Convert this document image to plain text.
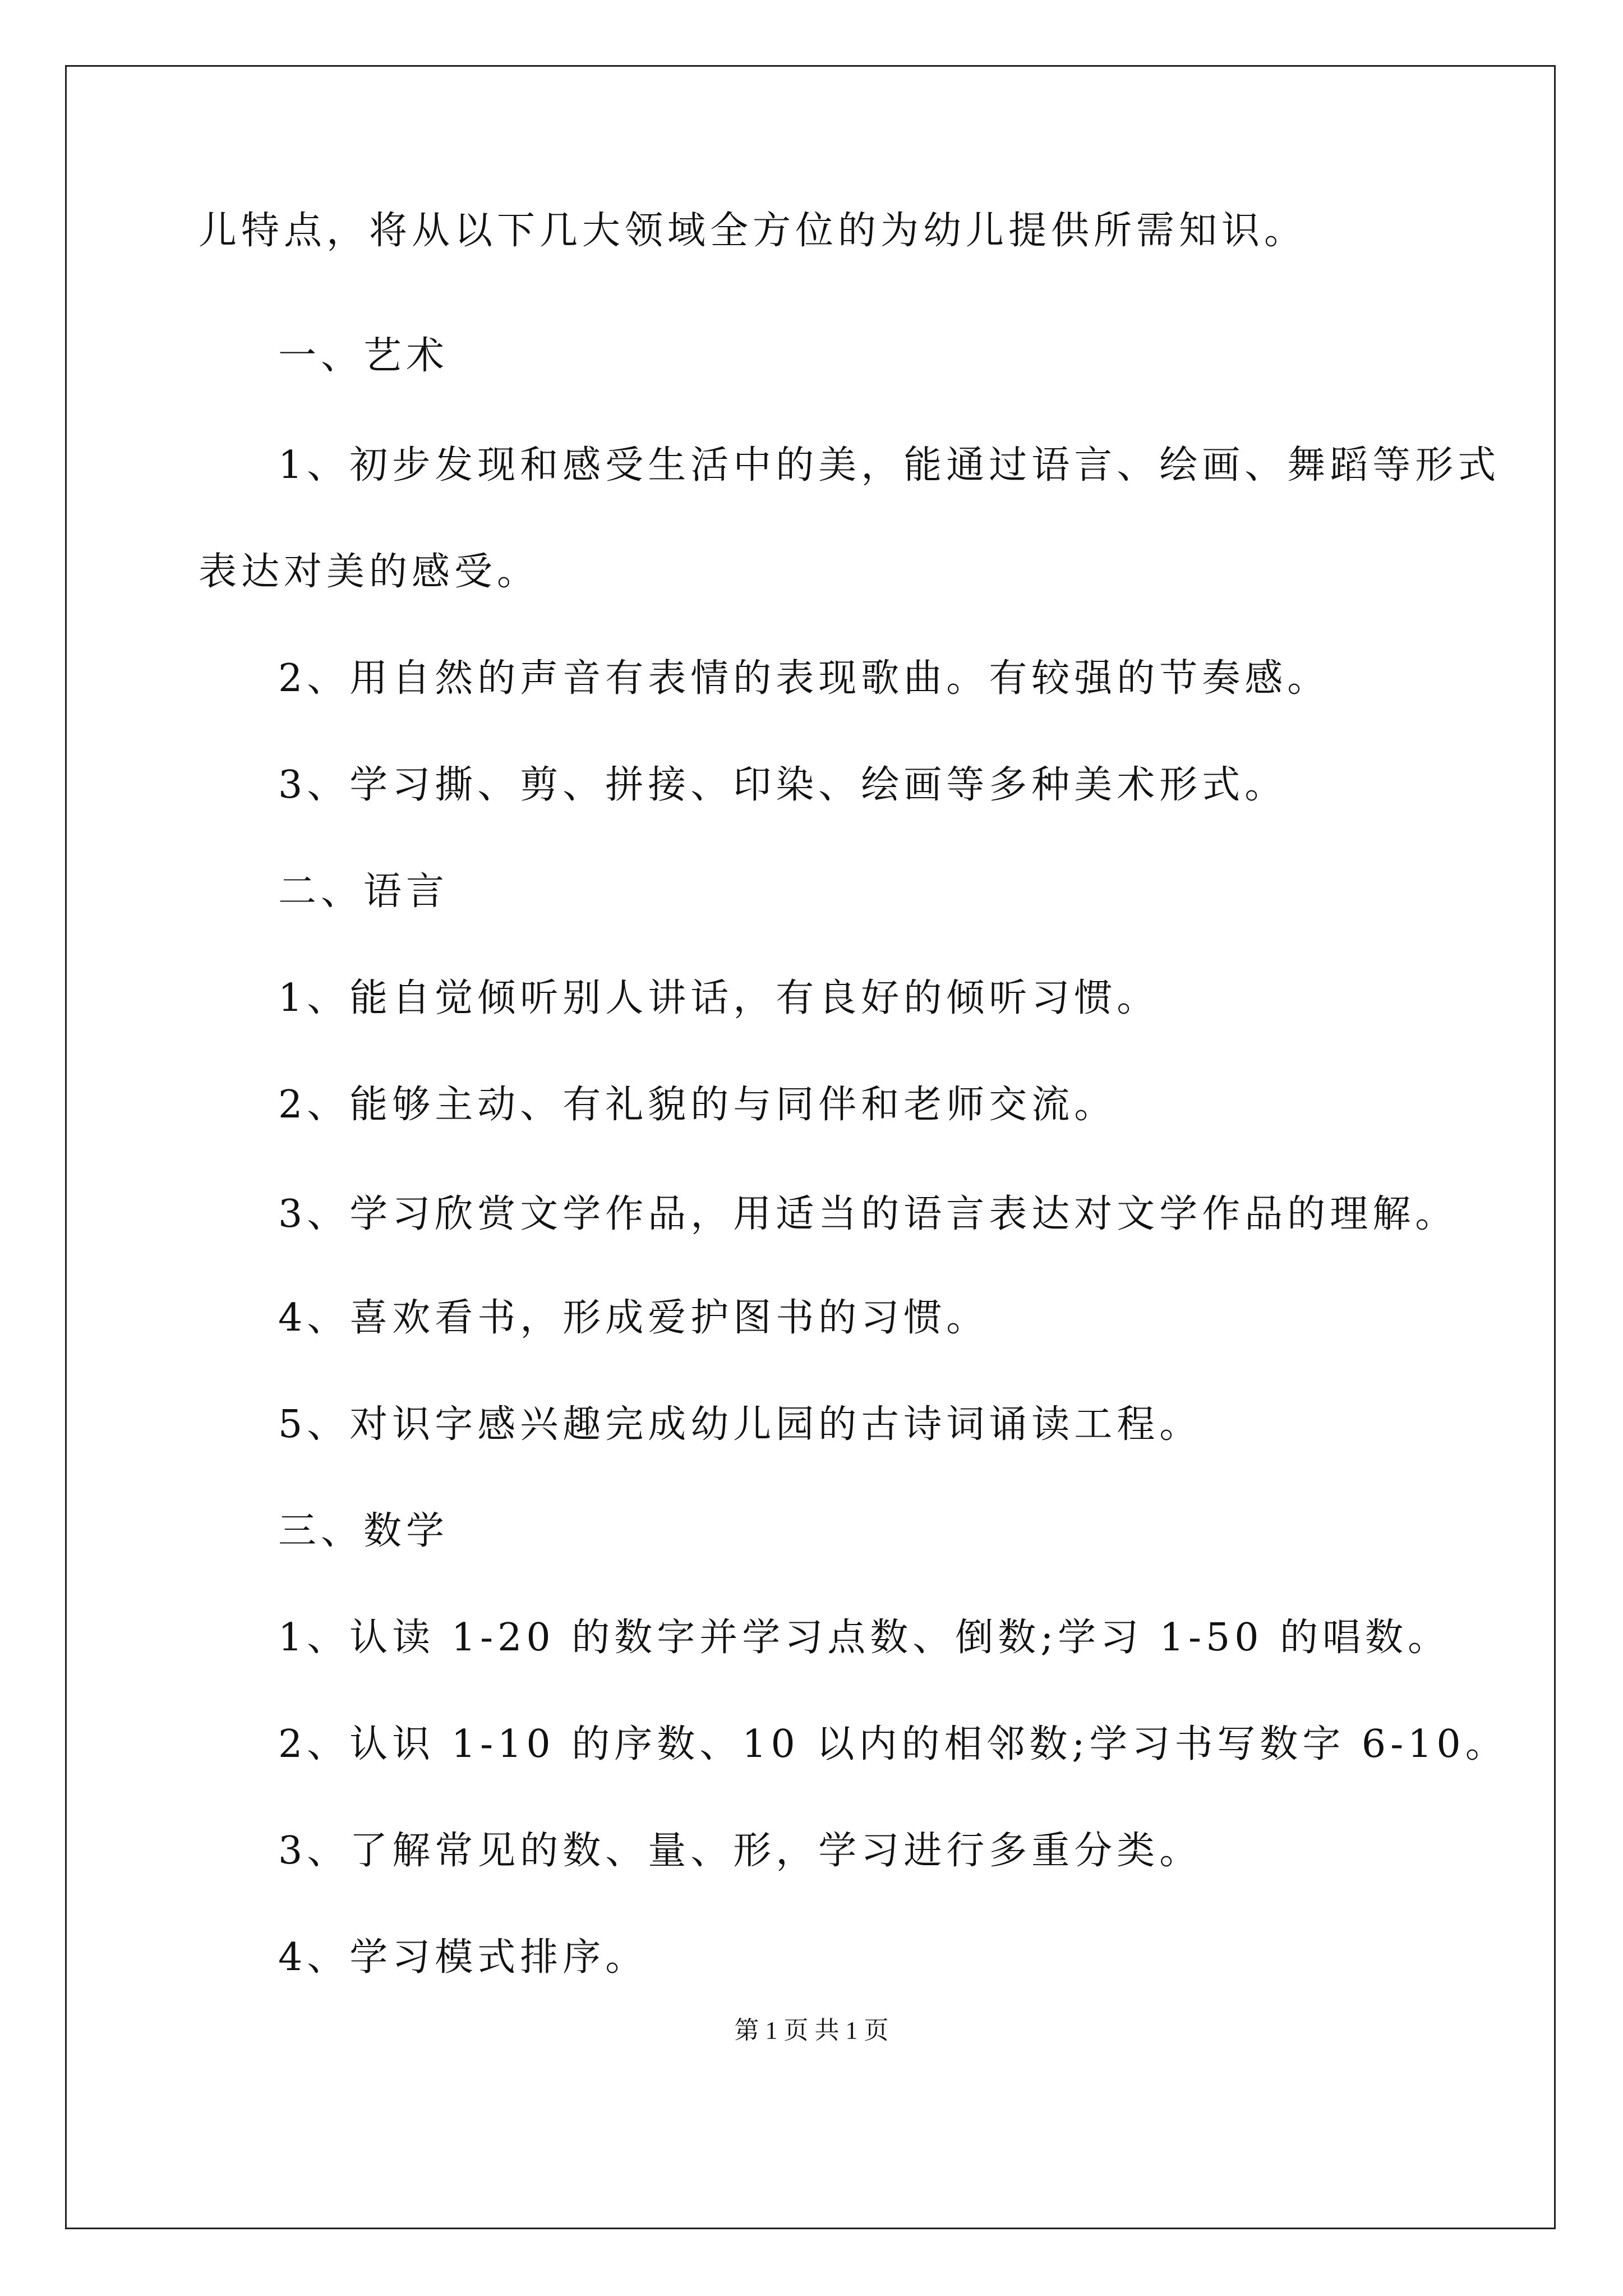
儿特点，将从以下几大领域全方位的为幼儿提供所需知识。
一、艺术
1、初步发现和感受生活中的美，能通过语言、绘画、舞蹈等形式
表达对美的感受。
2、用自然的声音有表情的表现歌曲。有较强的节奏感。
3、学习撕、剪、拼接、印染、绘画等多种美术形式。
二、语言
1、能自觉倾听别人讲话，有良好的倾听习惯。
2、能够主动、有礼貌的与同伴和老师交流。
3、学习欣赏文学作品，用适当的语言表达对文学作品的理解。
4、喜欢看书，形成爱护图书的习惯。
5、对识字感兴趣完成幼儿园的古诗词诵读工程。
三、数学
1、认读 1-20 的数字并学习点数、倒数;学习 1-50 的唱数。
2、认识 1-10 的序数、10 以内的相邻数;学习书写数字 6-10。
3、了解常见的数、量、形，学习进行多重分类。
4、学习模式排序。
第 1 页 共 1 页
